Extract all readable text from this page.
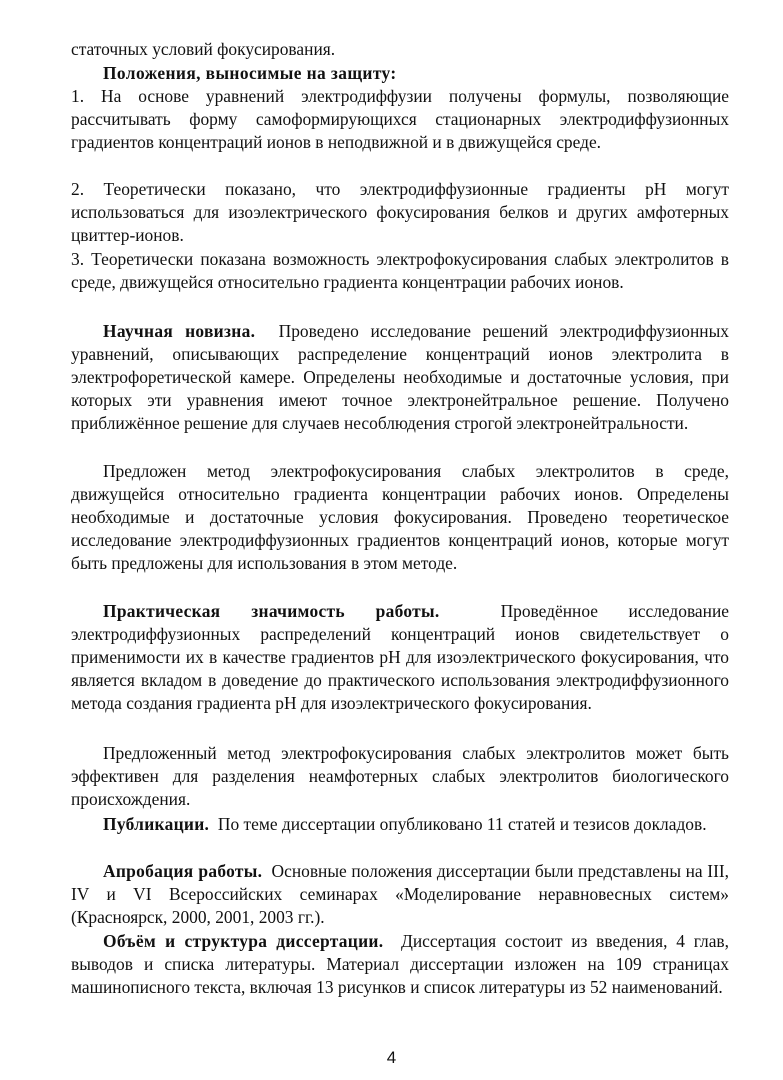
статочных условий фокусирования.

Положения, выносимые на защиту:

1. На основе уравнений электродиффузии получены формулы, позволяющие рассчитывать форму самоформирующихся стационарных электродиффузионных градиентов концентраций ионов в неподвижной и в движущейся среде.

2. Теоретически показано, что электродиффузионные градиенты pH могут использоваться для изоэлектрического фокусирования белков и других амфотерных цвиттер-ионов.

3. Теоретически показана возможность электрофокусирования слабых электролитов в среде, движущейся относительно градиента концентрации рабочих ионов.

Научная новизна. Проведено исследование решений электродиффузионных уравнений, описывающих распределение концентраций ионов электролита в электрофоретической камере. Определены необходимые и достаточные условия, при которых эти уравнения имеют точное электронейтральное решение. Получено приближённое решение для случаев несоблюдения строгой электронейтральности.

Предложен метод электрофокусирования слабых электролитов в среде, движущейся относительно градиента концентрации рабочих ионов. Определены необходимые и достаточные условия фокусирования. Проведено теоретическое исследование электродиффузионных градиентов концентраций ионов, которые могут быть предложены для использования в этом методе.

Практическая значимость работы.	Проведённое исследование электродиффузионных распределений концентраций ионов свидетельствует о применимости их в качестве градиентов pH для изоэлектрического фокусирования, что является вкладом в доведение до практического использования электродиффузионного метода создания градиента pH для изоэлектрического фокусирования.

Предложенный метод электрофокусирования слабых электролитов может быть эффективен для разделения неамфотерных слабых электролитов биологического происхождения.

Публикации. По теме диссертации опубликовано 11 статей и тезисов докладов.

Апробация работы. Основные положения диссертации были представлены на III, IV и VI Всероссийских семинарах «Моделирование неравновесных систем» (Красноярск, 2000, 2001, 2003 гг.).

Объём и структура диссертации. Диссертация состоит из введения, 4 глав, выводов и списка литературы. Материал диссертации изложен на 109 страницах машинописного текста, включая 13 рисунков и список литературы из 52 наименований.

4
